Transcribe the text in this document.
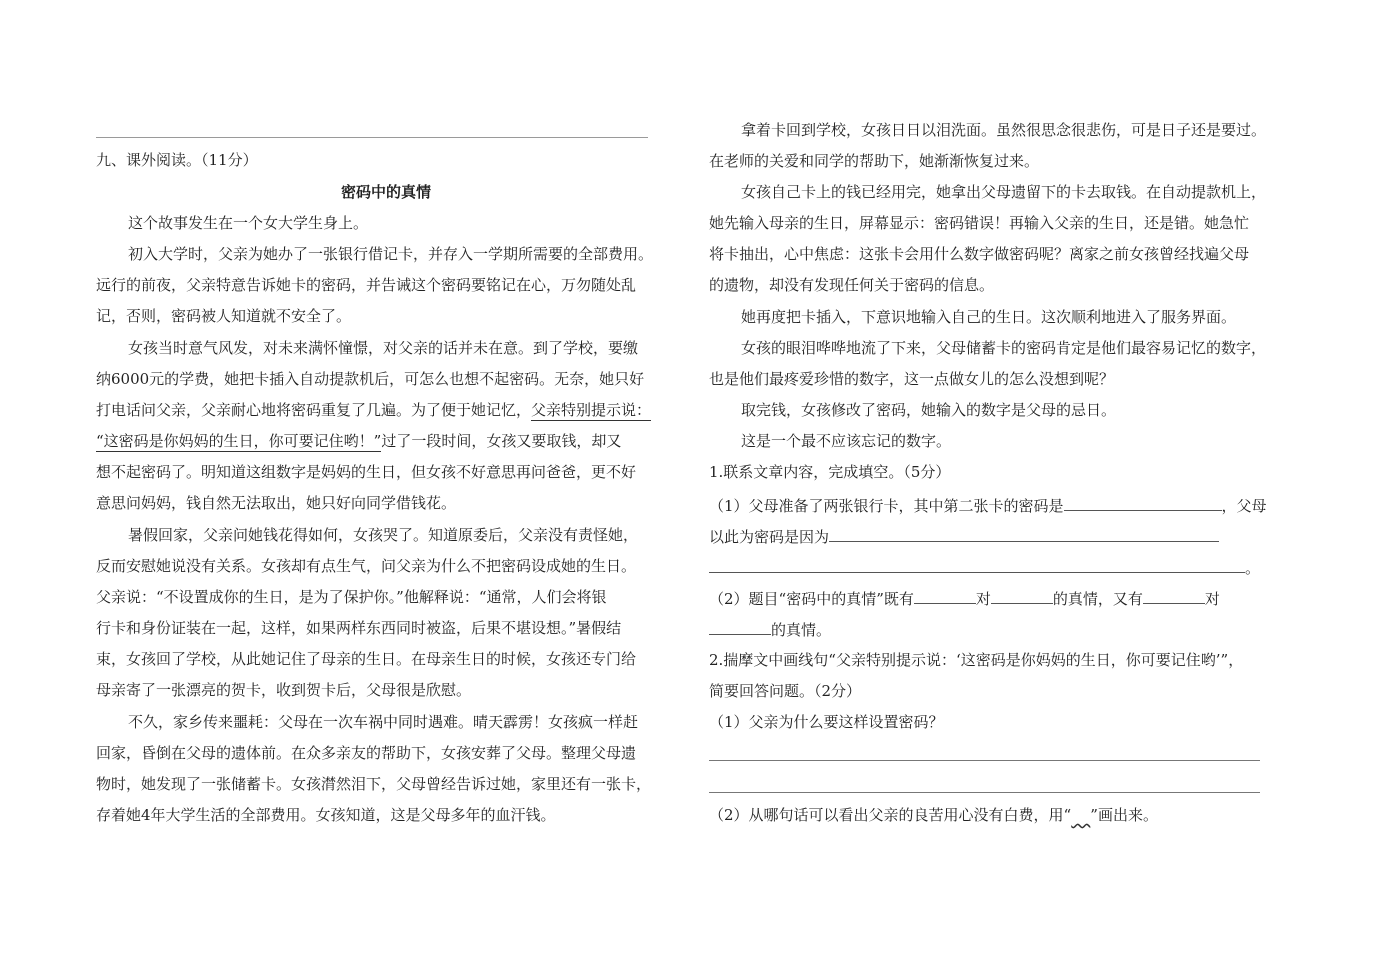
九、课外阅读。（11分）
密码中的真情
这个故事发生在一个女大学生身上。
初入大学时，父亲为她办了一张银行借记卡，并存入一学期所需要的全部费用。
远行的前夜，父亲特意告诉她卡的密码，并告诫这个密码要铭记在心，万勿随处乱
记，否则，密码被人知道就不安全了。
女孩当时意气风发，对未来满怀憧憬，对父亲的话并未在意。到了学校，要缴
纳6000元的学费，她把卡插入自动提款机后，可怎么也想不起密码。无奈，她只好
打电话问父亲，父亲耐心地将密码重复了几遍。为了便于她记忆，父亲特别提示说：
“这密码是你妈妈的生日，你可要记住哟！”过了一段时间，女孩又要取钱，却又
想不起密码了。明知道这组数字是妈妈的生日，但女孩不好意思再问爸爸，更不好
意思问妈妈，钱自然无法取出，她只好向同学借钱花。
暑假回家，父亲问她钱花得如何，女孩哭了。知道原委后，父亲没有责怪她，
反而安慰她说没有关系。女孩却有点生气，问父亲为什么不把密码设成她的生日。
父亲说：“不设置成你的生日，是为了保护你。”他解释说：“通常，人们会将银
行卡和身份证装在一起，这样，如果两样东西同时被盗，后果不堪设想。”暑假结
束，女孩回了学校，从此她记住了母亲的生日。在母亲生日的时候，女孩还专门给
母亲寄了一张漂亮的贺卡，收到贺卡后，父母很是欣慰。
不久，家乡传来噩耗：父母在一次车祸中同时遇难。晴天霹雳！女孩疯一样赶
回家，昏倒在父母的遗体前。在众多亲友的帮助下，女孩安葬了父母。整理父母遗
物时，她发现了一张储蓄卡。女孩潸然泪下，父母曾经告诉过她，家里还有一张卡，
存着她4年大学生活的全部费用。女孩知道，这是父母多年的血汗钱。
拿着卡回到学校，女孩日日以泪洗面。虽然很思念很悲伤，可是日子还是要过。
在老师的关爱和同学的帮助下，她渐渐恢复过来。
女孩自己卡上的钱已经用完，她拿出父母遗留下的卡去取钱。在自动提款机上，
她先输入母亲的生日，屏幕显示：密码错误！再输入父亲的生日，还是错。她急忙
将卡抽出，心中焦虑：这张卡会用什么数字做密码呢？离家之前女孩曾经找遍父母
的遗物，却没有发现任何关于密码的信息。
她再度把卡插入，下意识地输入自己的生日。这次顺利地进入了服务界面。
女孩的眼泪哗哗地流了下来，父母储蓄卡的密码肯定是他们最容易记忆的数字，
也是他们最疼爱珍惜的数字，这一点做女儿的怎么没想到呢？
取完钱，女孩修改了密码，她输入的数字是父母的忌日。
这是一个最不应该忘记的数字。
1.联系文章内容，完成填空。（5分）
（1）父母准备了两张银行卡，其中第二张卡的密码是	，父母
以此为密码是因为
。
（2）题目“密码中的真情”既有	对	的真情，又有	对
的真情。
2.揣摩文中画线句“父亲特别提示说：‘这密码是你妈妈的生日，你可要记住哟’”，
简要回答问题。（2分）
（1）父亲为什么要这样设置密码？
（2）从哪句话可以看出父亲的良苦用心没有白费，用“ ”画出来。
